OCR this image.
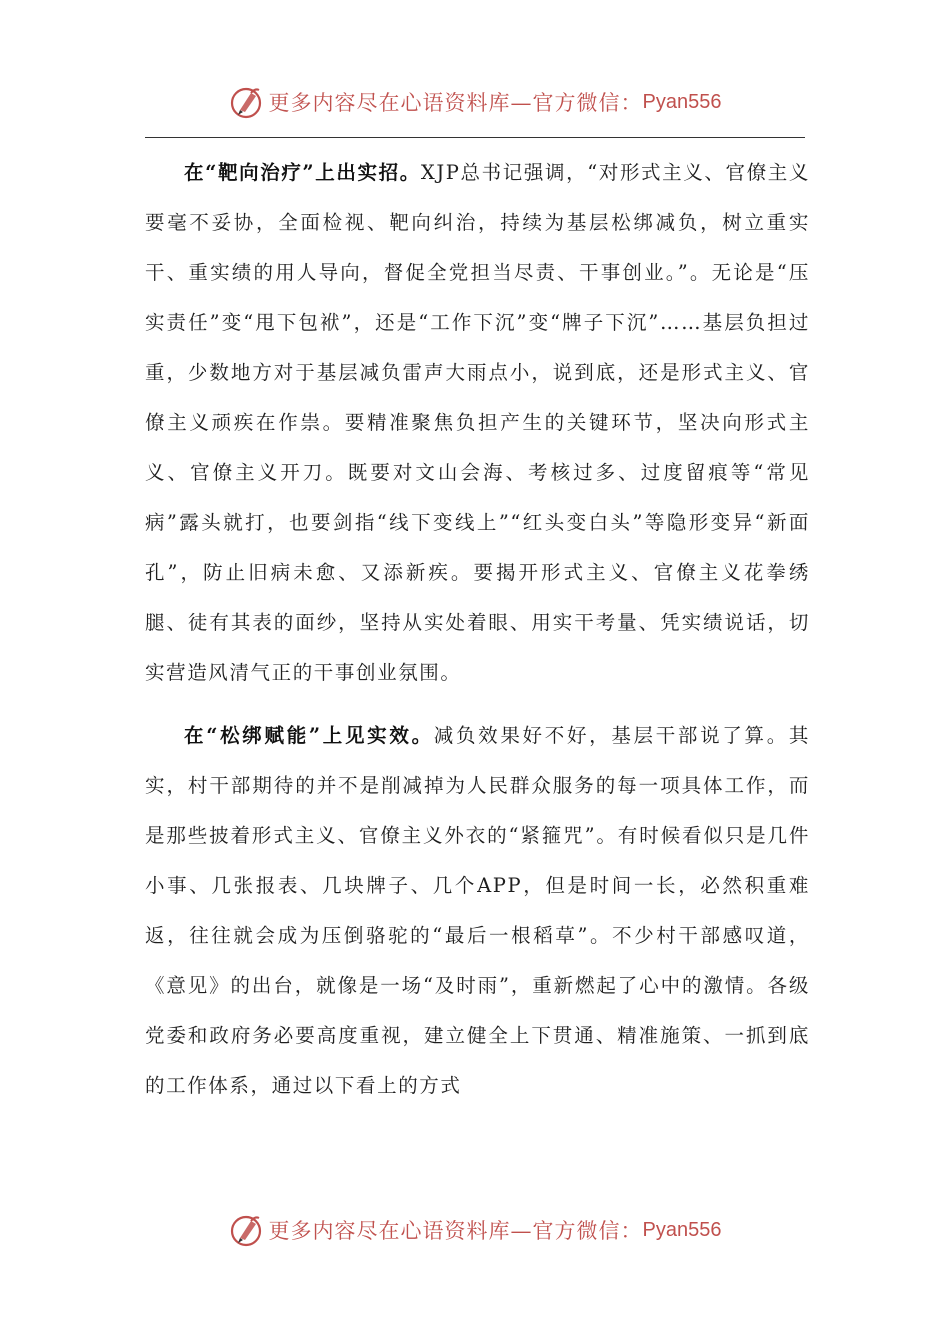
更多内容尽在心语资料库—官方微信： Pyan556

在“靶向治疗”上出实招。XJP总书记强调，“对形式主义、官僚主义要毫不妥协，全面检视、靶向纠治，持续为基层松绑减负，树立重实干、重实绩的用人导向，督促全党担当尽责、干事创业。”。无论是“压实责任”变“甩下包袱”，还是“工作下沉”变“牌子下沉”……基层负担过重，少数地方对于基层减负雷声大雨点小，说到底，还是形式主义、官僚主义顽疾在作祟。要精准聚焦负担产生的关键环节，坚决向形式主义、官僚主义开刀。既要对文山会海、考核过多、过度留痕等“常见病”露头就打，也要剑指“线下变线上”“红头变白头”等隐形变异“新面孔”，防止旧病未愈、又添新疾。要揭开形式主义、官僚主义花拳绣腿、徒有其表的面纱，坚持从实处着眼、用实干考量、凭实绩说话，切实营造风清气正的干事创业氛围。

在“松绑赋能”上见实效。减负效果好不好，基层干部说了算。其实，村干部期待的并不是削减掉为人民群众服务的每一项具体工作，而是那些披着形式主义、官僚主义外衣的“紧箍咒”。有时候看似只是几件小事、几张报表、几块牌子、几个APP，但是时间一长，必然积重难返，往往就会成为压倒骆驼的“最后一根稻草”。不少村干部感叹道，《意见》的出台，就像是一场“及时雨”，重新燃起了心中的激情。各级党委和政府务必要高度重视，建立健全上下贯通、精准施策、一抓到底的工作体系，通过以下看上的方式

更多内容尽在心语资料库—官方微信： Pyan556
